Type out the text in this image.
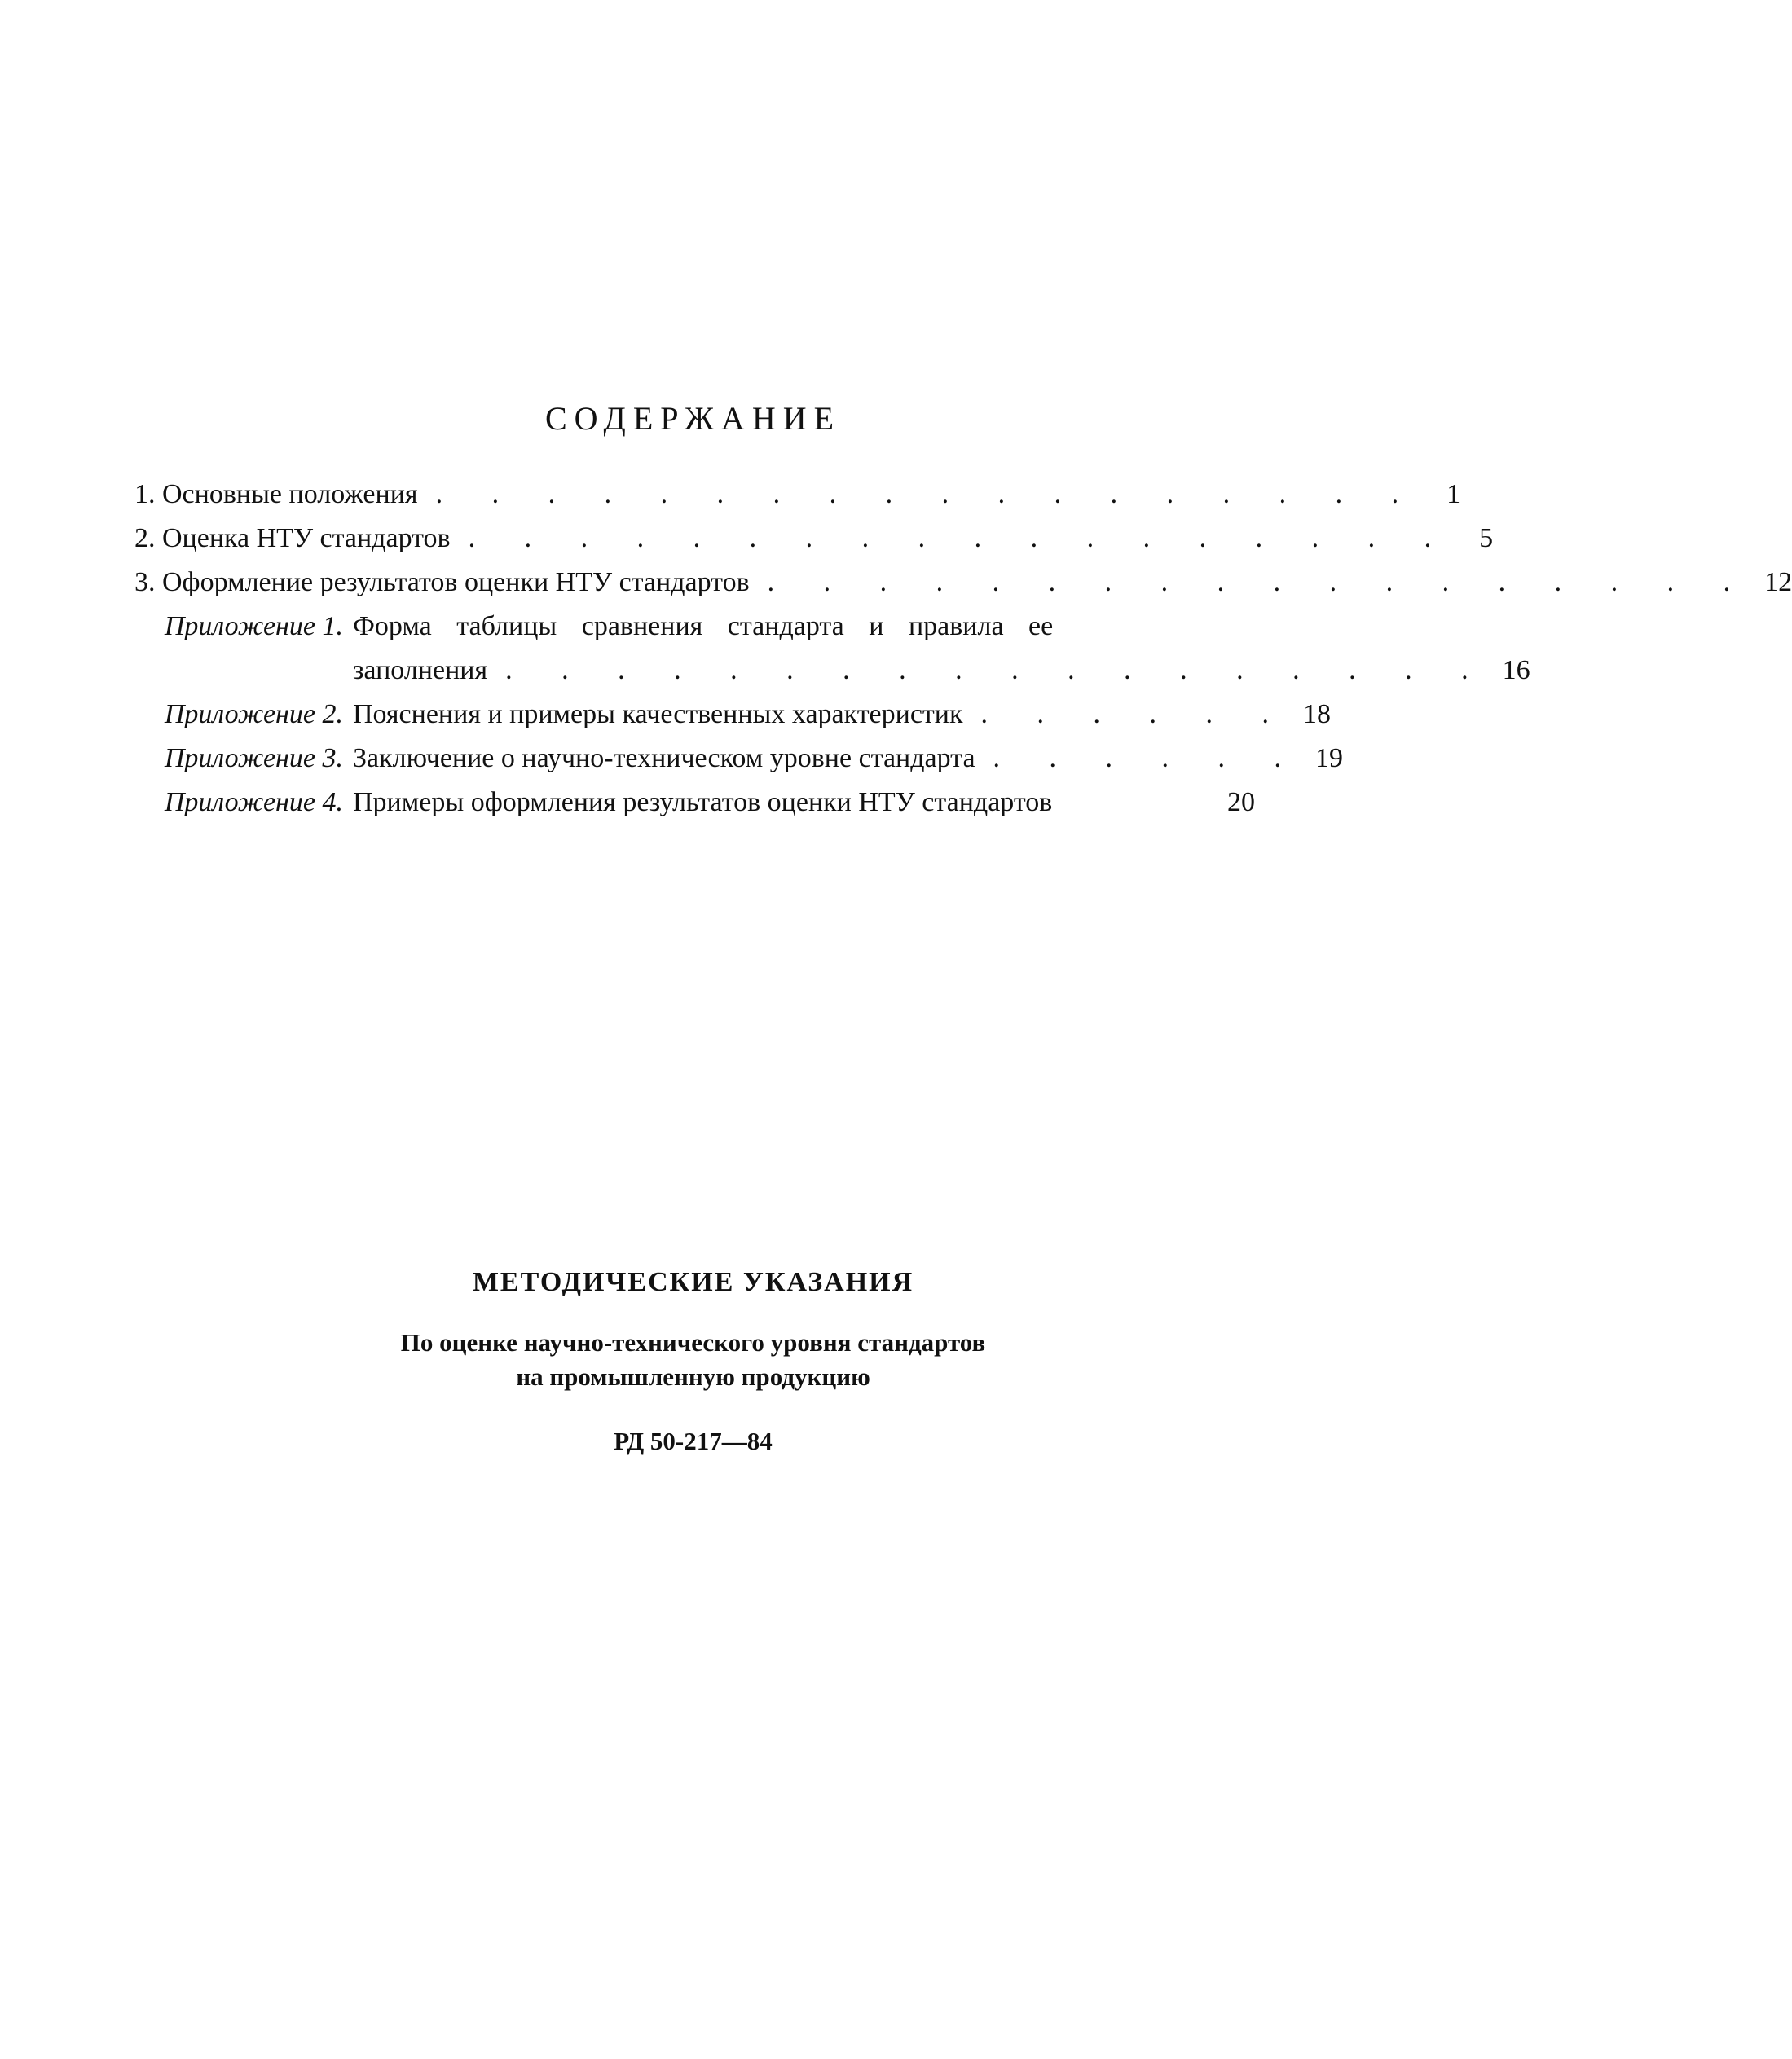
СОДЕРЖАНИЕ
1. Основные положения . . . . . . . . . . . . . . . . . . 1
2. Оценка НТУ стандартов . . . . . . . . . . . . . . . . . . 5
3. Оформление результатов оценки НТУ стандартов . . . . . . . . . . . . . . . . . . 12
Приложение 1. Форма таблицы сравнения стандарта и правила ее
заполнения . . . . . . . . . . . . . . . . . . 16
Приложение 2. Пояснения и примеры качественных характеристик . . . . . . 18
Приложение 3. Заключение о научно-техническом уровне стандарта . . . . . . 19
Приложение 4. Примеры оформления результатов оценки НТУ стандартов	20
МЕТОДИЧЕСКИЕ УКАЗАНИЯ
По оценке научно-технического уровня стандартов
на промышленную продукцию
РД 50-217—84
